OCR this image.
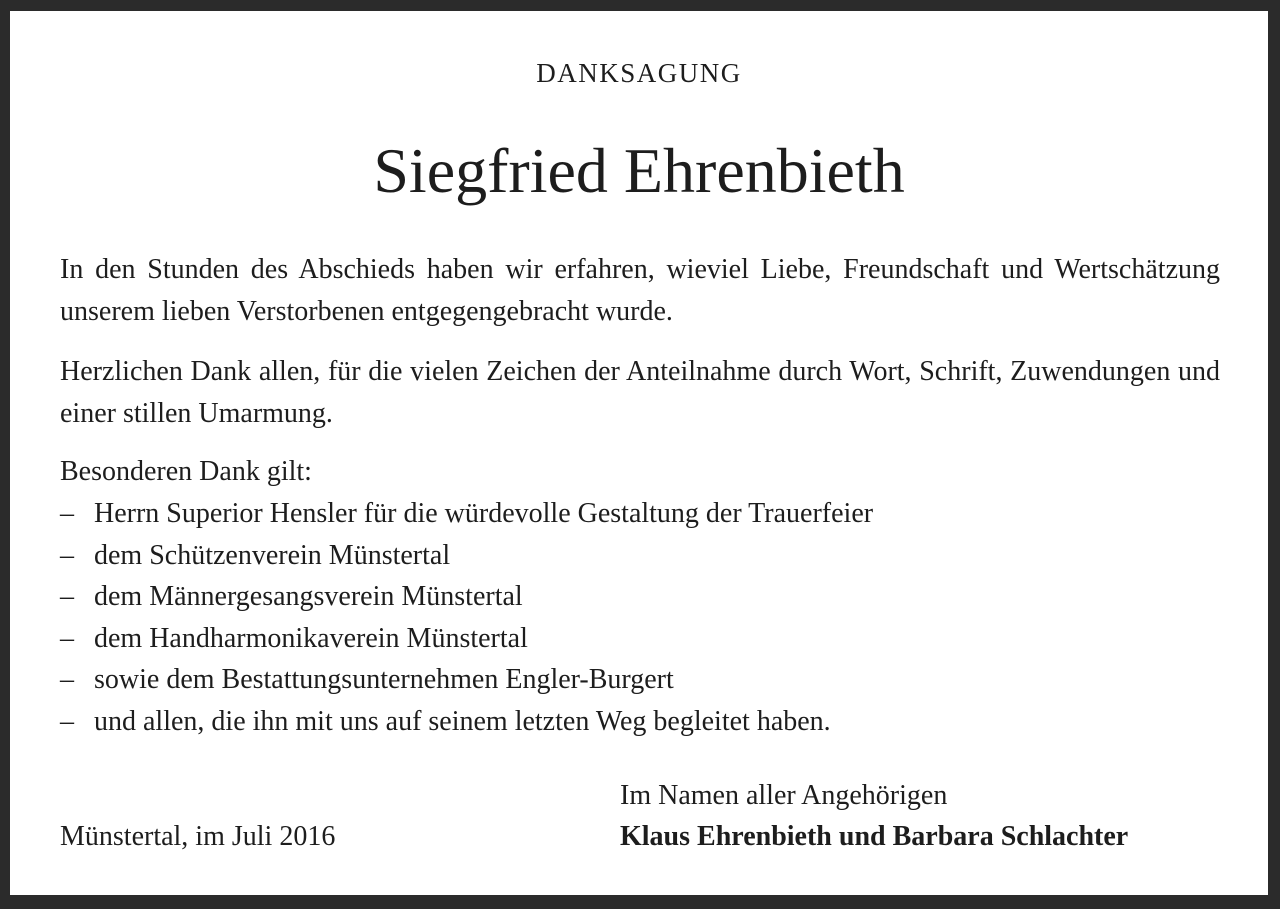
DANKSAGUNG
Siegfried Ehrenbieth

In den Stunden des Abschieds haben wir erfahren, wieviel Liebe, Freundschaft und Wertschätzung unserem lieben Verstorbenen entgegengebracht wurde.

Herzlichen Dank allen, für die vielen Zeichen der Anteilnahme durch Wort, Schrift, Zuwendungen und einer stillen Umarmung.

Besonderen Dank gilt:
– Herrn Superior Hensler für die würdevolle Gestaltung der Trauerfeier
– dem Schützenverein Münstertal
– dem Männergesangsverein Münstertal
– dem Handharmonikaverein Münstertal
– sowie dem Bestattungsunternehmen Engler-Burgert
– und allen, die ihn mit uns auf seinem letzten Weg begleitet haben.
Münstertal, im Juli 2016
Im Namen aller Angehörigen
Klaus Ehrenbieth und Barbara Schlachter
